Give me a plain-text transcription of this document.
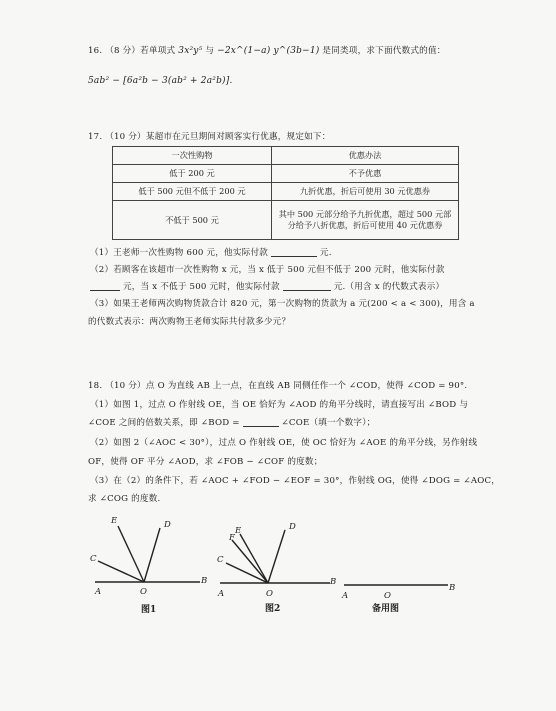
16. （8 分）若单项式 3x²y⁵ 与 −2x^(1−a) y^(3b−1) 是同类项，求下面代数式的值：
5ab² − [6a²b − 3(ab² + 2a²b)].
17. （10 分）某超市在元旦期间对顾客实行优惠，规定如下：
一次性购物	优惠办法
低于 200 元	不予优惠
低于 500 元但不低于 200 元	九折优惠，折后可使用 30 元优惠券
不低于 500 元	其中 500 元部分给予九折优惠，超过 500 元部
分给予八折优惠，折后可使用 40 元优惠券
（1）王老师一次性购物 600 元，他实际付款	元.
（2）若顾客在该超市一次性购物 x 元，当 x 低于 500 元但不低于 200 元时，他实际付款
元，当 x 不低于 500 元时，他实际付款	元.（用含 x 的代数式表示）
（3）如果王老师两次购物货款合计 820 元，第一次购物的货款为 a 元(200 < a < 300)，用含 a
的代数式表示：两次购物王老师实际共付款多少元？
18. （10 分）点 O 为直线 AB 上一点，在直线 AB 同侧任作一个 ∠COD，使得 ∠COD = 90°.
（1）如图 1，过点 O 作射线 OE，当 OE 恰好为 ∠AOD 的角平分线时，请直接写出 ∠BOD 与
∠COE 之间的倍数关系，即 ∠BOD =	∠COE（填一个数字）；
（2）如图 2（∠AOC < 30°），过点 O 作射线 OE，使 OC 恰好为 ∠AOE 的角平分线，另作射线
OF，使得 OF 平分 ∠AOD，求 ∠FOB − ∠COF 的度数；
（3）在（2）的条件下，若 ∠AOC + ∠FOD − ∠EOF = 30°，作射线 OG，使得 ∠DOG = ∠AOC，
求 ∠COG 的度数.
E	D
C
A	O
B
图1
F
E	D
C
A	O
B
图2
A	O
B
备用图
